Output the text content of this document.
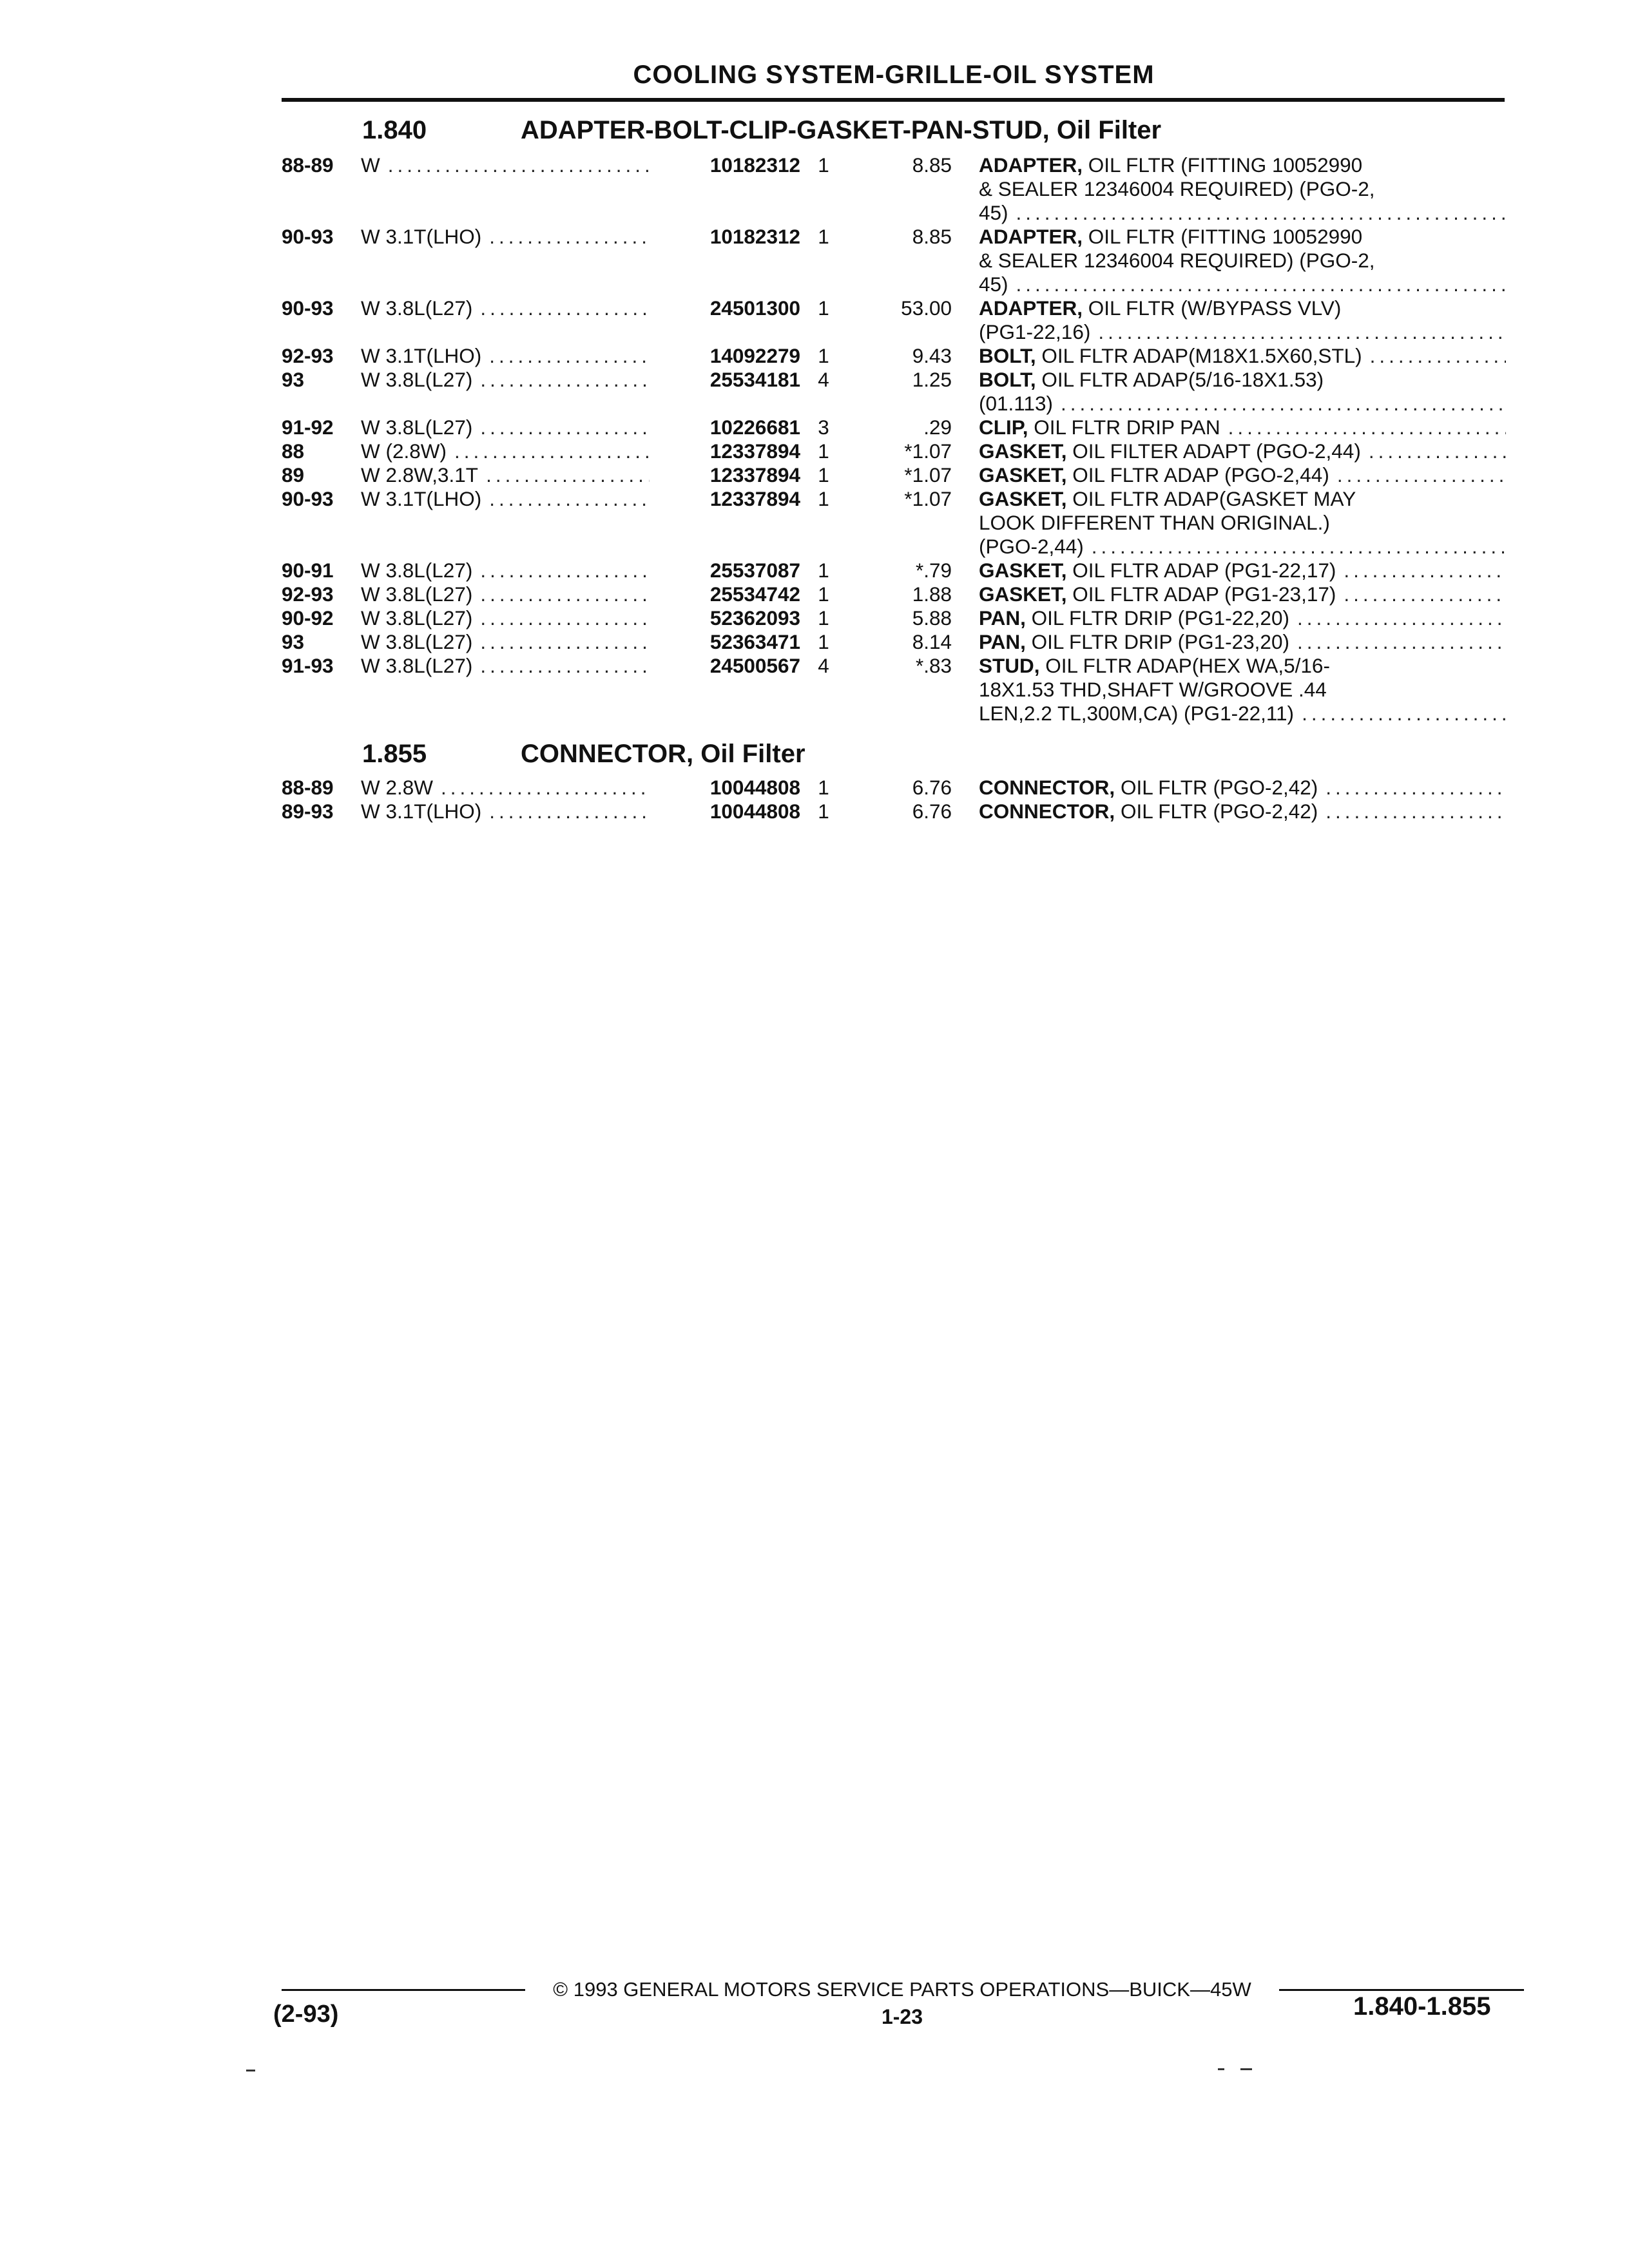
COOLING SYSTEM-GRILLE-OIL SYSTEM
1.840	ADAPTER-BOLT-CLIP-GASKET-PAN-STUD, Oil Filter
88-89	W .....	10182312 1	8.85	ADAPTER, OIL FLTR (FITTING 10052990
& SEALER 12346004 REQUIRED) (PGO-2,
45)
.....
90-93	W 3.1T(LHO) .....	10182312 1	8.85	ADAPTER, OIL FLTR (FITTING 10052990
& SEALER 12346004 REQUIRED) (PGO-2,
45)
.....
90-93	W 3.8L(L27) .....	24501300 1	53.00	ADAPTER, OIL FLTR (W/BYPASS VLV)
(PG1-22,16)
.....
92-93	W 3.1T(LHO) .....	14092279 1	9.43	BOLT, OIL FLTR ADAP(M18X1.5X60,STL)
.....
93	W 3.8L(L27) .....	25534181 4	1.25	BOLT, OIL FLTR ADAP(5/16-18X1.53)
(01.113)
.....
91-92	W 3.8L(L27) .....	10226681 3	.29	CLIP, OIL FLTR DRIP PAN
.....
88	W (2.8W) .....	12337894 1	*1.07	GASKET, OIL FILTER ADAPT (PGO-2,44)
.....
89	W 2.8W,3.1T .....	12337894 1	*1.07	GASKET, OIL FLTR ADAP (PGO-2,44)
.....
90-93	W 3.1T(LHO) .....	12337894 1	*1.07	GASKET, OIL FLTR ADAP(GASKET MAY
LOOK DIFFERENT THAN ORIGINAL.)
(PGO-2,44)
.....
90-91	W 3.8L(L27) .....	25537087 1	*.79	GASKET, OIL FLTR ADAP (PG1-22,17)
.....
92-93	W 3.8L(L27) .....	25534742 1	1.88	GASKET, OIL FLTR ADAP (PG1-23,17)
.....
90-92	W 3.8L(L27) .....	52362093 1	5.88	PAN, OIL FLTR DRIP (PG1-22,20)
.....
93	W 3.8L(L27) .....	52363471 1	8.14	PAN, OIL FLTR DRIP (PG1-23,20)
.....
91-93	W 3.8L(L27) .....	24500567 4	*.83	STUD, OIL FLTR ADAP(HEX WA,5/16-
18X1.53 THD,SHAFT W/GROOVE .44
LEN,2.2 TL,300M,CA) (PG1-22,11)
.....
1.855	CONNECTOR, Oil Filter
88-89	W 2.8W .....	10044808 1	6.76	CONNECTOR, OIL FLTR (PGO-2,42)
.....
89-93	W 3.1T(LHO) .....	10044808 1	6.76	CONNECTOR, OIL FLTR (PGO-2,42)
.....
© 1993 GENERAL MOTORS SERVICE PARTS OPERATIONS—BUICK—45W
1-23
(2-93)	1.840-1.855
